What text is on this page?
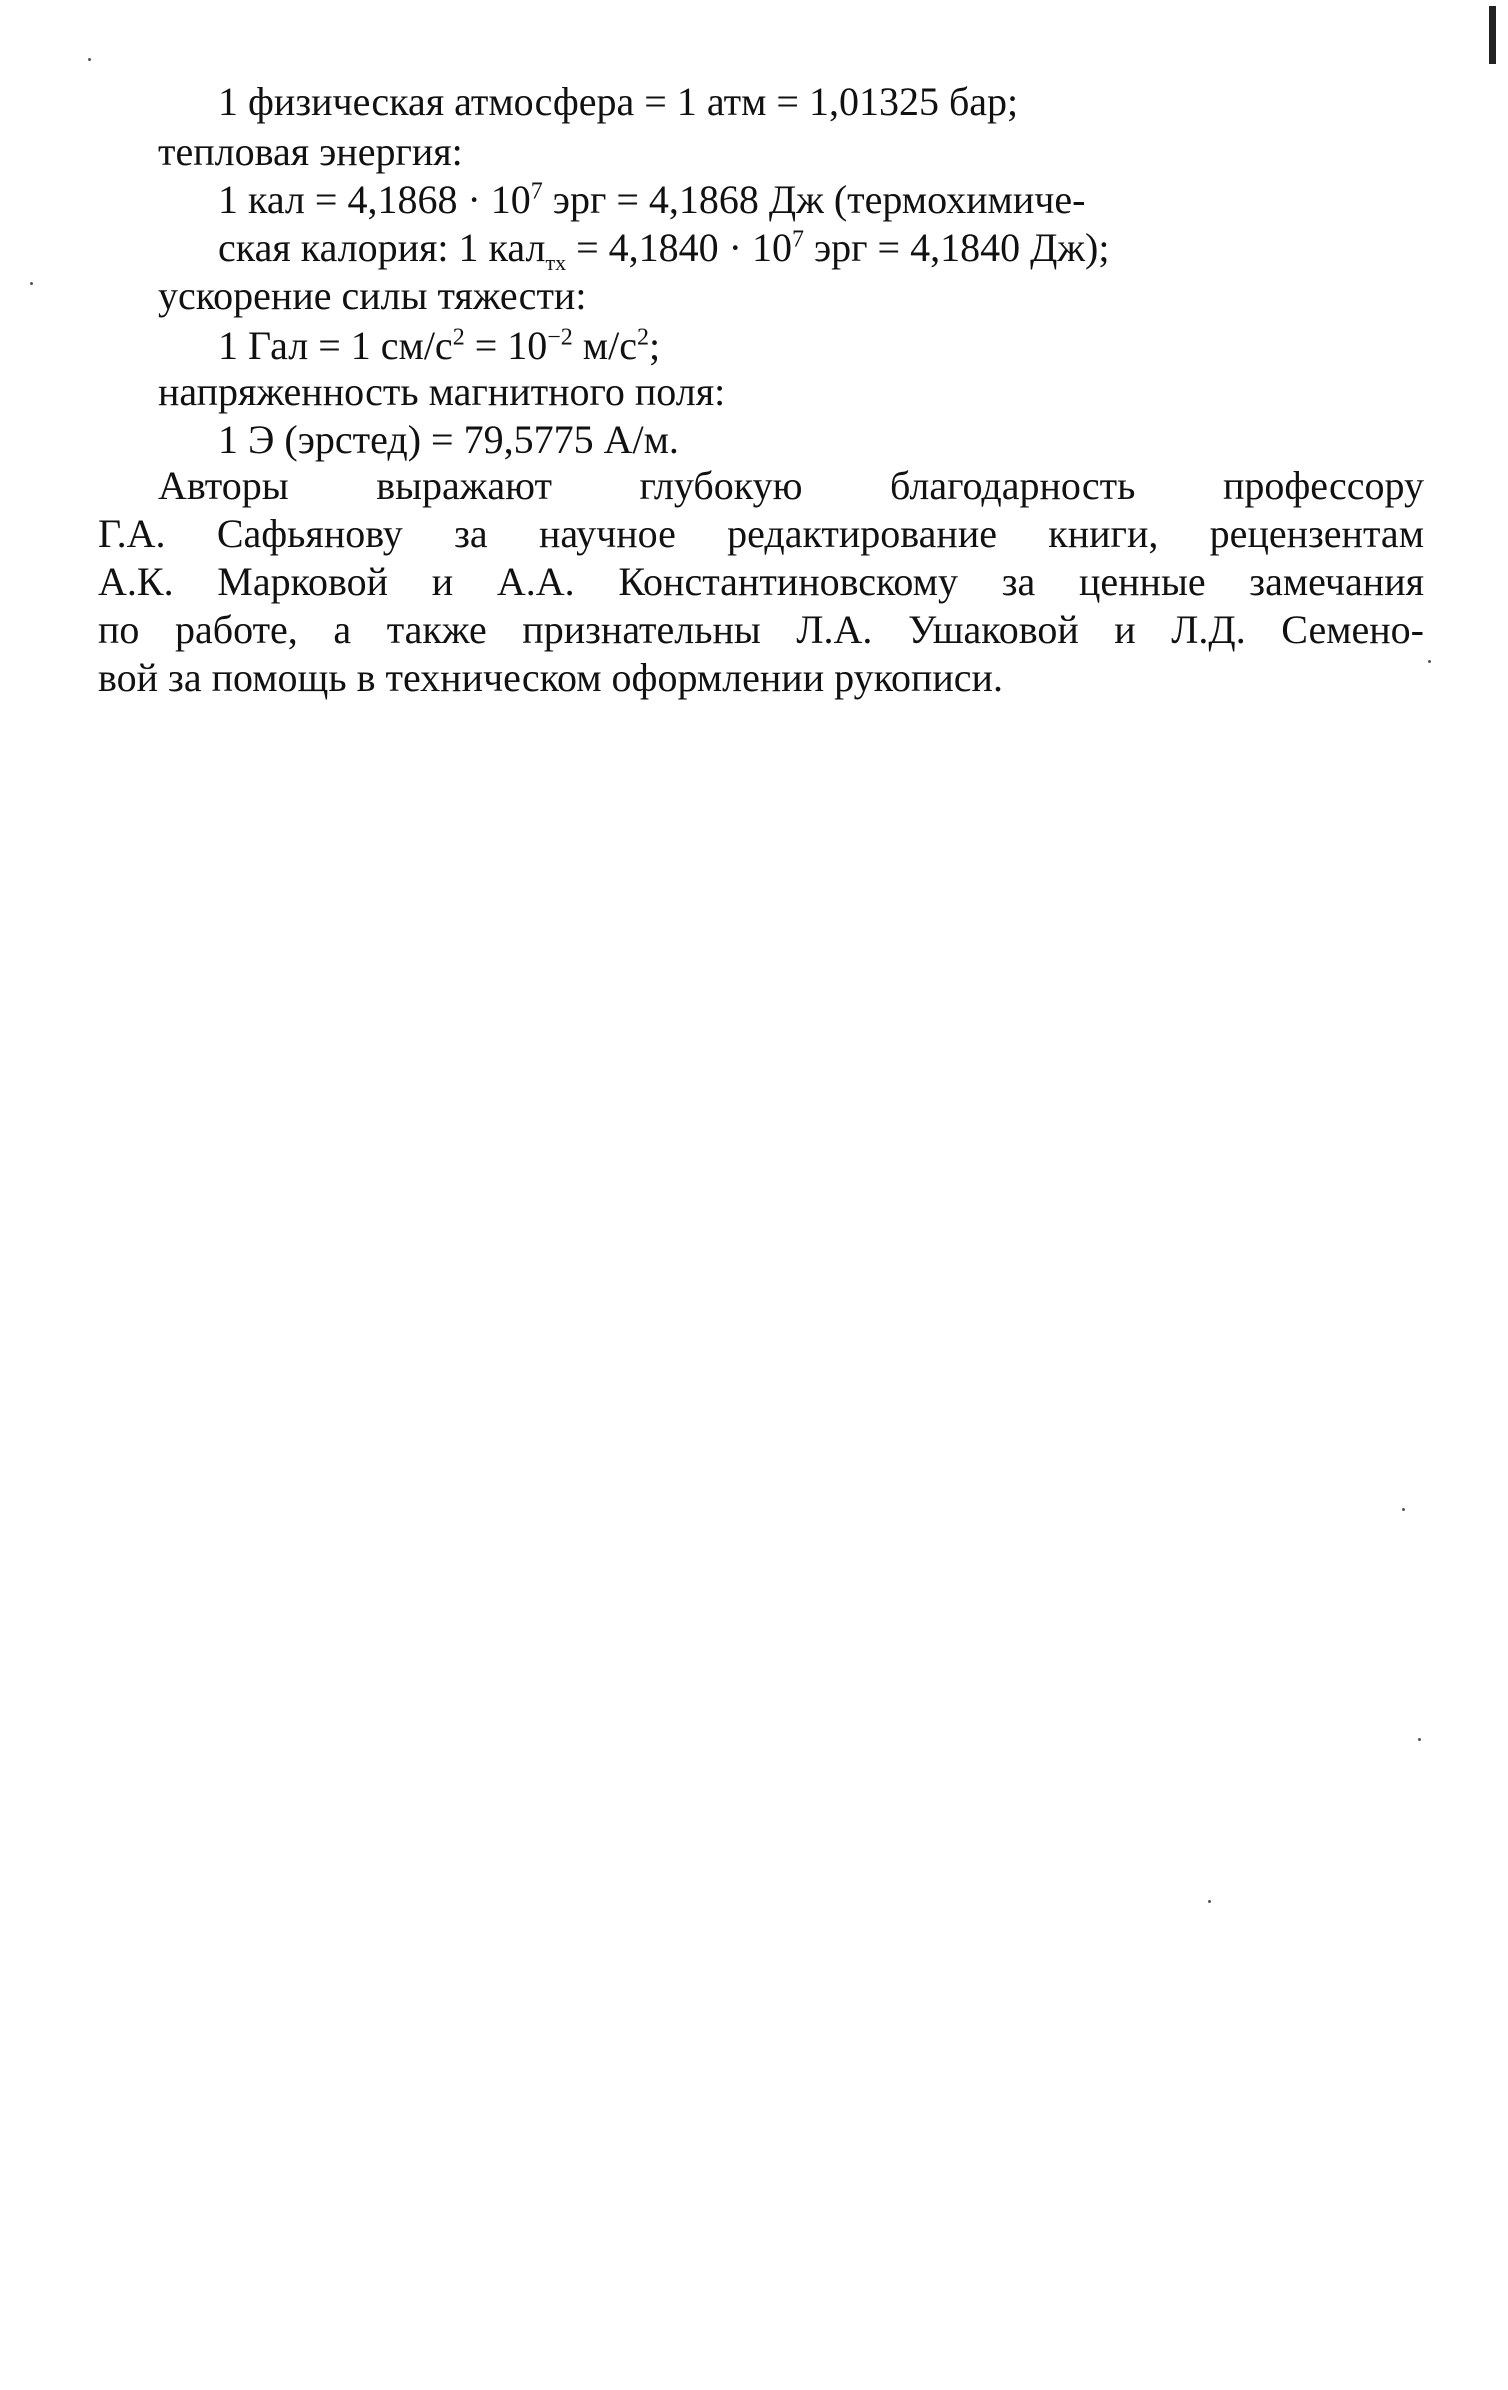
1 физическая атмосфера = 1 атм = 1,01325 бар;
тепловая энергия:
1 кал = $4,1868 \cdot 10^7$ эрг = 4,1868 Дж (термохимиче-
ская калория: 1 $кал_{тх} = 4,1840 \cdot 10^7$ эрг = 4,1840 Дж);
ускорение силы тяжести:
1 Гал = 1 $см/с^2 = 10^{-2}$ $м/с^2$;
напряженность магнитного поля:
1 Э (эрстед) = 79,5775 А/м.
Авторы выражают глубокую благодарность профессору
Г.А. Сафьянову за научное редактирование книги, рецензентам
А.К. Марковой и А.А. Константиновскому за ценные замечания
по работе, а также признательны Л.А. Ушаковой и Л.Д. Семено-
вой за помощь в техническом оформлении рукописи.
